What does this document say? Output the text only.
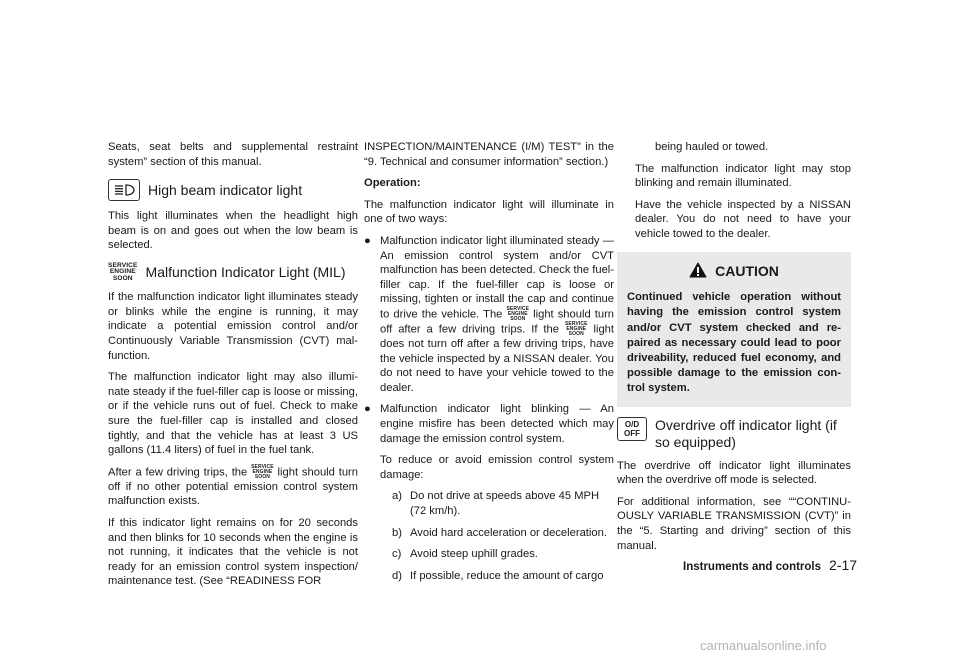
Seats, seat belts and supplemental restraint system” section of this manual.

High beam indicator light

This light illuminates when the headlight high beam is on and goes out when the low beam is selected.

SERVICE
ENGINE
SOON Malfunction Indicator Light (MIL)

If the malfunction indicator light illuminates steady or blinks while the engine is running, it may indicate a potential emission control and/or Continuously Variable Transmission (CVT) mal-function.

The malfunction indicator light may also illumi-nate steady if the fuel-filler cap is loose or missing, or if the vehicle runs out of fuel. Check to make sure the fuel-filler cap is installed and closed tightly, and that the vehicle has at least 3 US gallons (11.4 liters) of fuel in the fuel tank.

After a few driving trips, the SERVICE
ENGINE
SOON light should turn off if no other potential emission control system malfunction exists.

If this indicator light remains on for 20 seconds and then blinks for 10 seconds when the engine is not running, it indicates that the vehicle is not ready for an emission control system inspection/ maintenance test. (See “READINESS FOR

INSPECTION/MAINTENANCE (I/M) TEST” in the “9. Technical and consumer information” section.)

Operation:

The malfunction indicator light will illuminate in one of two ways:

● Malfunction indicator light illuminated steady — An emission control system and/or CVT malfunction has been detected. Check the fuel-filler cap. If the fuel-filler cap is loose or missing, tighten or install the cap and continue to drive the vehicle. The SERVICE
ENGINE
SOON light should turn off after a few driving trips. If the SERVICE
ENGINE
SOON light does not turn off after a few driving trips, have the vehicle inspected by a NISSAN dealer. You do not need to have your vehicle towed to the dealer.
● Malfunction indicator light blinking — An engine misfire has been detected which may damage the emission control system.

To reduce or avoid emission control system damage:

a) Do not drive at speeds above 45 MPH (72 km/h).
b) Avoid hard acceleration or deceleration.
c) Avoid steep uphill grades.
d) If possible, reduce the amount of cargo

being hauled or towed.

The malfunction indicator light may stop blinking and remain illuminated.

Have the vehicle inspected by a NISSAN dealer. You do not need to have your vehicle towed to the dealer.

CAUTION
Continued vehicle operation without having the emission control system and/or CVT system checked and re-paired as necessary could lead to poor driveability, reduced fuel economy, and possible damage to the emission con-trol system.
O/D
OFF
Overdrive off indicator light (if so equipped)

The overdrive off indicator light illuminates when the overdrive off mode is selected.

For additional information, see ““CONTINU-OUSLY VARIABLE TRANSMISSION (CVT)” in the “5. Starting and driving” section of this manual.

Instruments and controls 2-17
carmanualsonline.info
